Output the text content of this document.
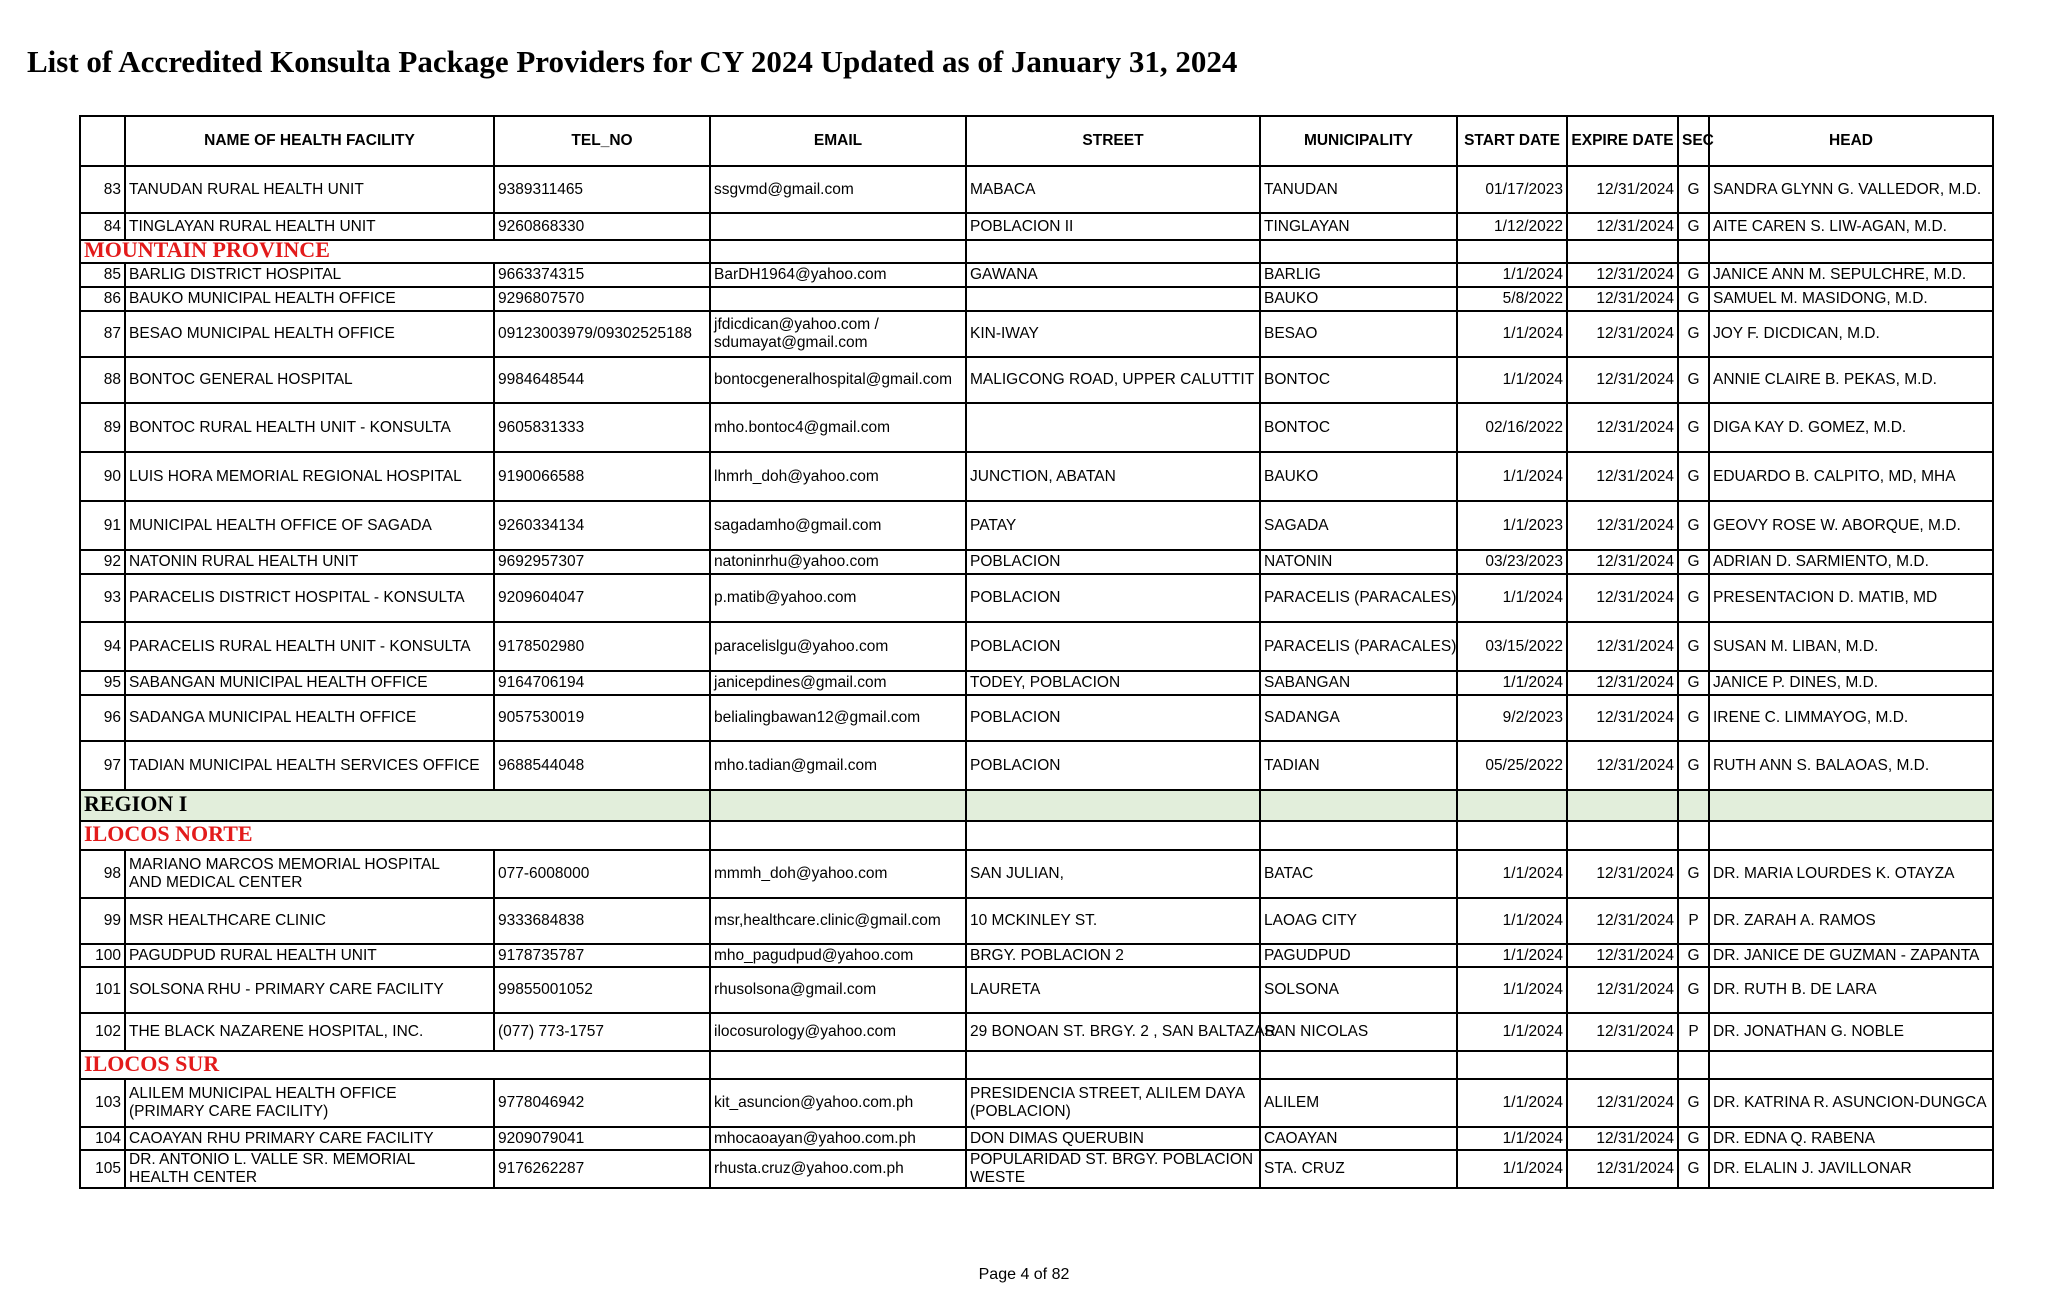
List of Accredited Konsulta Package Providers for CY 2024 Updated as of January 31, 2024
	NAME OF HEALTH FACILITY	TEL_NO	EMAIL	STREET	MUNICIPALITY	START DATE	EXPIRE DATE	SEC	HEAD
83	TANUDAN RURAL HEALTH UNIT	9389311465	ssgvmd@gmail.com	MABACA	TANUDAN	01/17/2023	12/31/2024	G	SANDRA GLYNN G. VALLEDOR, M.D.
84	TINGLAYAN RURAL HEALTH UNIT	9260868330		POBLACION II	TINGLAYAN	1/12/2022	12/31/2024	G	AITE CAREN S. LIW-AGAN, M.D.
MOUNTAIN PROVINCE									
85	BARLIG DISTRICT HOSPITAL	9663374315	BarDH1964@yahoo.com	GAWANA	BARLIG	1/1/2024	12/31/2024	G	JANICE ANN M. SEPULCHRE, M.D.
86	BAUKO MUNICIPAL HEALTH OFFICE	9296807570			BAUKO	5/8/2022	12/31/2024	G	SAMUEL M. MASIDONG, M.D.
87	BESAO MUNICIPAL HEALTH OFFICE	09123003979/09302525188	jfdicdican@yahoo.com /
sdumayat@gmail.com	KIN-IWAY	BESAO	1/1/2024	12/31/2024	G	JOY F. DICDICAN, M.D.
88	BONTOC GENERAL HOSPITAL	9984648544	bontocgeneralhospital@gmail.com	MALIGCONG ROAD, UPPER CALUTTIT	BONTOC	1/1/2024	12/31/2024	G	ANNIE CLAIRE B. PEKAS, M.D.
89	BONTOC RURAL HEALTH UNIT - KONSULTA	9605831333	mho.bontoc4@gmail.com		BONTOC	02/16/2022	12/31/2024	G	DIGA KAY D. GOMEZ, M.D.
90	LUIS HORA MEMORIAL REGIONAL HOSPITAL	9190066588	lhmrh_doh@yahoo.com	JUNCTION, ABATAN	BAUKO	1/1/2024	12/31/2024	G	EDUARDO B. CALPITO, MD, MHA
91	MUNICIPAL HEALTH OFFICE OF SAGADA	9260334134	sagadamho@gmail.com	PATAY	SAGADA	1/1/2023	12/31/2024	G	GEOVY ROSE W. ABORQUE, M.D.
92	NATONIN RURAL HEALTH UNIT	9692957307	natoninrhu@yahoo.com	POBLACION	NATONIN	03/23/2023	12/31/2024	G	ADRIAN D. SARMIENTO, M.D.
93	PARACELIS DISTRICT HOSPITAL - KONSULTA	9209604047	p.matib@yahoo.com	POBLACION	PARACELIS (PARACALES)	1/1/2024	12/31/2024	G	PRESENTACION D. MATIB, MD
94	PARACELIS RURAL HEALTH UNIT - KONSULTA	9178502980	paracelislgu@yahoo.com	POBLACION	PARACELIS (PARACALES)	03/15/2022	12/31/2024	G	SUSAN M. LIBAN, M.D.
95	SABANGAN MUNICIPAL HEALTH OFFICE	9164706194	janicepdines@gmail.com	TODEY, POBLACION	SABANGAN	1/1/2024	12/31/2024	G	JANICE P. DINES, M.D.
96	SADANGA MUNICIPAL HEALTH OFFICE	9057530019	belialingbawan12@gmail.com	POBLACION	SADANGA	9/2/2023	12/31/2024	G	IRENE C. LIMMAYOG, M.D.
97	TADIAN MUNICIPAL HEALTH SERVICES OFFICE	9688544048	mho.tadian@gmail.com	POBLACION	TADIAN	05/25/2022	12/31/2024	G	RUTH ANN S. BALAOAS, M.D.
REGION I									
ILOCOS NORTE									
98	MARIANO MARCOS MEMORIAL HOSPITAL
AND MEDICAL CENTER	077-6008000	mmmh_doh@yahoo.com	SAN JULIAN,	BATAC	1/1/2024	12/31/2024	G	DR. MARIA LOURDES K. OTAYZA
99	MSR HEALTHCARE CLINIC	9333684838	msr,healthcare.clinic@gmail.com	10 MCKINLEY ST.	LAOAG CITY	1/1/2024	12/31/2024	P	DR. ZARAH A. RAMOS
100	PAGUDPUD RURAL HEALTH UNIT	9178735787	mho_pagudpud@yahoo.com	BRGY. POBLACION 2	PAGUDPUD	1/1/2024	12/31/2024	G	DR. JANICE DE GUZMAN - ZAPANTA
101	SOLSONA RHU - PRIMARY CARE FACILITY	99855001052	rhusolsona@gmail.com	LAURETA	SOLSONA	1/1/2024	12/31/2024	G	DR. RUTH B. DE LARA
102	THE BLACK NAZARENE HOSPITAL, INC.	(077) 773-1757	ilocosurology@yahoo.com	29 BONOAN ST. BRGY. 2 , SAN BALTAZAR	SAN NICOLAS	1/1/2024	12/31/2024	P	DR. JONATHAN G. NOBLE
ILOCOS SUR									
103	ALILEM MUNICIPAL HEALTH OFFICE
(PRIMARY CARE FACILITY)	9778046942	kit_asuncion@yahoo.com.ph	PRESIDENCIA STREET, ALILEM DAYA
(POBLACION)	ALILEM	1/1/2024	12/31/2024	G	DR. KATRINA R. ASUNCION-DUNGCA
104	CAOAYAN RHU PRIMARY CARE FACILITY	9209079041	mhocaoayan@yahoo.com.ph	DON DIMAS QUERUBIN	CAOAYAN	1/1/2024	12/31/2024	G	DR. EDNA Q. RABENA
105	DR. ANTONIO L. VALLE SR. MEMORIAL
HEALTH CENTER	9176262287	rhusta.cruz@yahoo.com.ph	POPULARIDAD ST. BRGY. POBLACION
WESTE	STA. CRUZ	1/1/2024	12/31/2024	G	DR. ELALIN J. JAVILLONAR
Page 4 of 82
